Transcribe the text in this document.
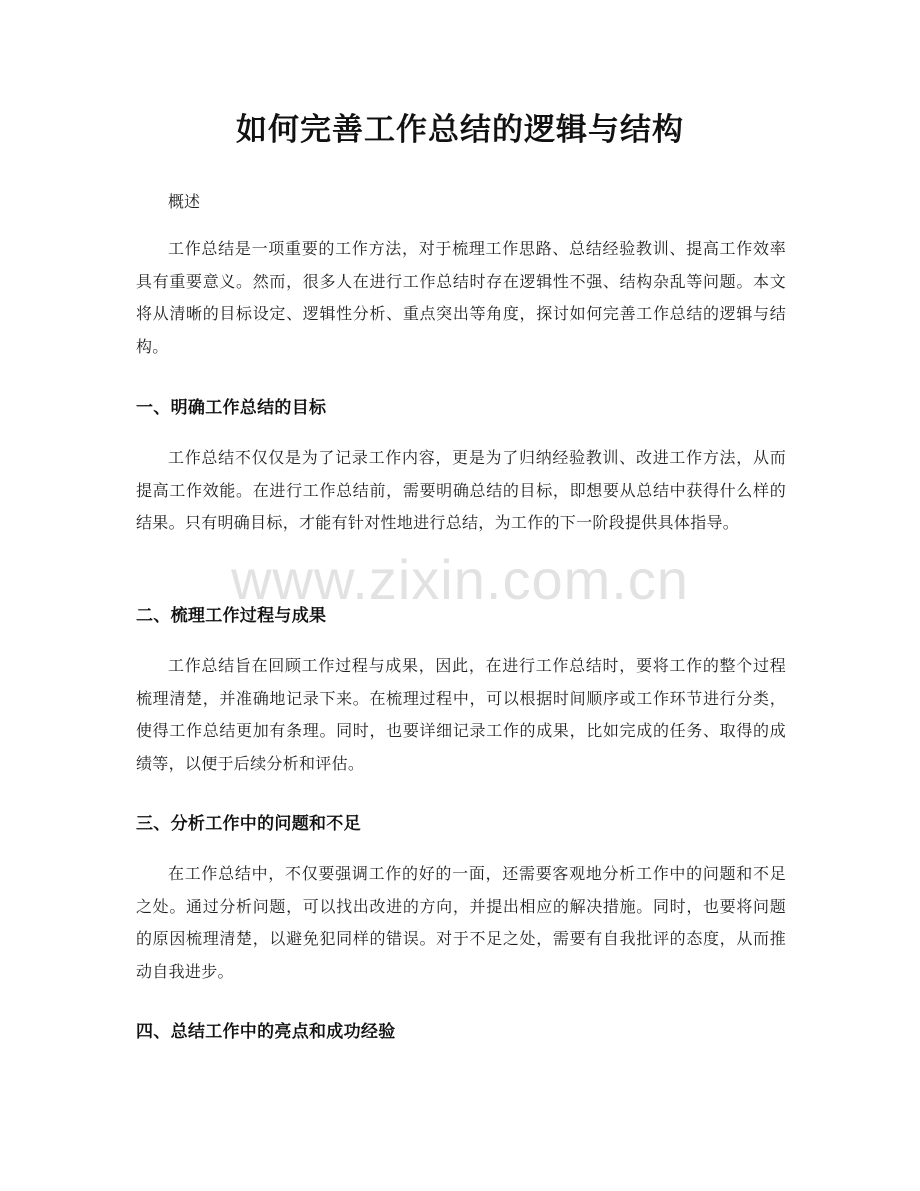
如何完善工作总结的逻辑与结构
概述

工作总结是一项重要的工作方法，对于梳理工作思路、总结经验教训、提高工作效率具有重要意义。然而，很多人在进行工作总结时存在逻辑性不强、结构杂乱等问题。本文将从清晰的目标设定、逻辑性分析、重点突出等角度，探讨如何完善工作总结的逻辑与结构。

一、明确工作总结的目标

工作总结不仅仅是为了记录工作内容，更是为了归纳经验教训、改进工作方法，从而提高工作效能。在进行工作总结前，需要明确总结的目标，即想要从总结中获得什么样的结果。只有明确目标，才能有针对性地进行总结，为工作的下一阶段提供具体指导。

二、梳理工作过程与成果

工作总结旨在回顾工作过程与成果，因此，在进行工作总结时，要将工作的整个过程梳理清楚，并准确地记录下来。在梳理过程中，可以根据时间顺序或工作环节进行分类，使得工作总结更加有条理。同时，也要详细记录工作的成果，比如完成的任务、取得的成绩等，以便于后续分析和评估。

三、分析工作中的问题和不足

在工作总结中，不仅要强调工作的好的一面，还需要客观地分析工作中的问题和不足之处。通过分析问题，可以找出改进的方向，并提出相应的解决措施。同时，也要将问题的原因梳理清楚，以避免犯同样的错误。对于不足之处，需要有自我批评的态度，从而推动自我进步。

四、总结工作中的亮点和成功经验
www.zixin.com.cn
